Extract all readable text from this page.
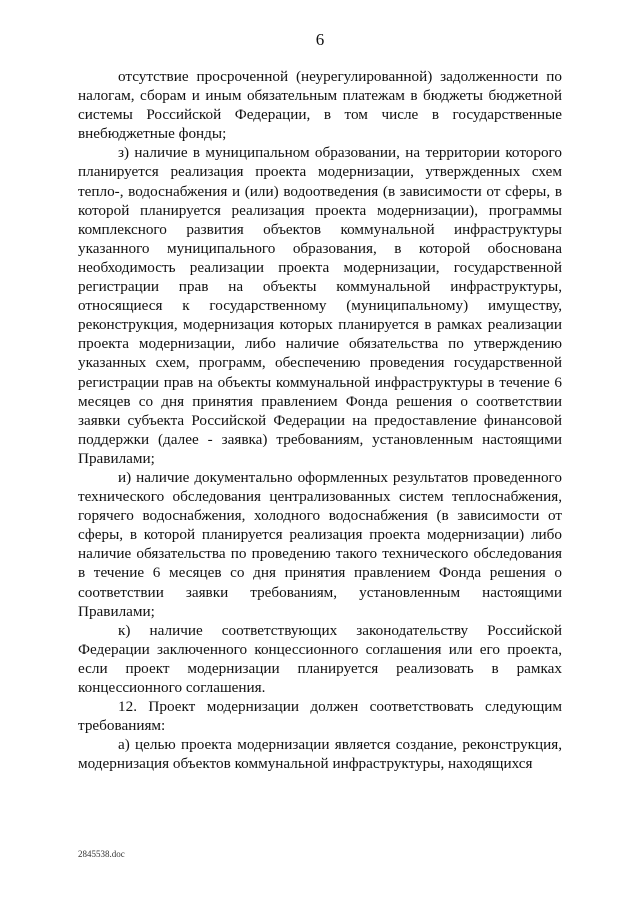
6

отсутствие просроченной (неурегулированной) задолженности по налогам, сборам и иным обязательным платежам в бюджеты бюджетной системы Российской Федерации, в том числе в государственные внебюджетные фонды;

з) наличие в муниципальном образовании, на территории которого планируется реализация проекта модернизации, утвержденных схем тепло-, водоснабжения и (или) водоотведения (в зависимости от сферы, в которой планируется реализация проекта модернизации), программы комплексного развития объектов коммунальной инфраструктуры указанного муниципального образования, в которой обоснована необходимость реализации проекта модернизации, государственной регистрации прав на объекты коммунальной инфраструктуры, относящиеся к государственному (муниципальному) имуществу, реконструкция, модернизация которых планируется в рамках реализации проекта модернизации, либо наличие обязательства по утверждению указанных схем, программ, обеспечению проведения государственной регистрации прав на объекты коммунальной инфраструктуры в течение 6 месяцев со дня принятия правлением Фонда решения о соответствии заявки субъекта Российской Федерации на предоставление финансовой поддержки (далее - заявка) требованиям, установленным настоящими Правилами;

и) наличие документально оформленных результатов проведенного технического обследования централизованных систем теплоснабжения, горячего водоснабжения, холодного водоснабжения (в зависимости от сферы, в которой планируется реализация проекта модернизации) либо наличие обязательства по проведению такого технического обследования в течение 6 месяцев со дня принятия правлением Фонда решения о соответствии заявки требованиям, установленным настоящими Правилами;

к) наличие соответствующих законодательству Российской Федерации заключенного концессионного соглашения или его проекта, если проект модернизации планируется реализовать в рамках концессионного соглашения.

12. Проект модернизации должен соответствовать следующим требованиям:

а) целью проекта модернизации является создание, реконструкция, модернизация объектов коммунальной инфраструктуры, находящихся

2845538.doc
